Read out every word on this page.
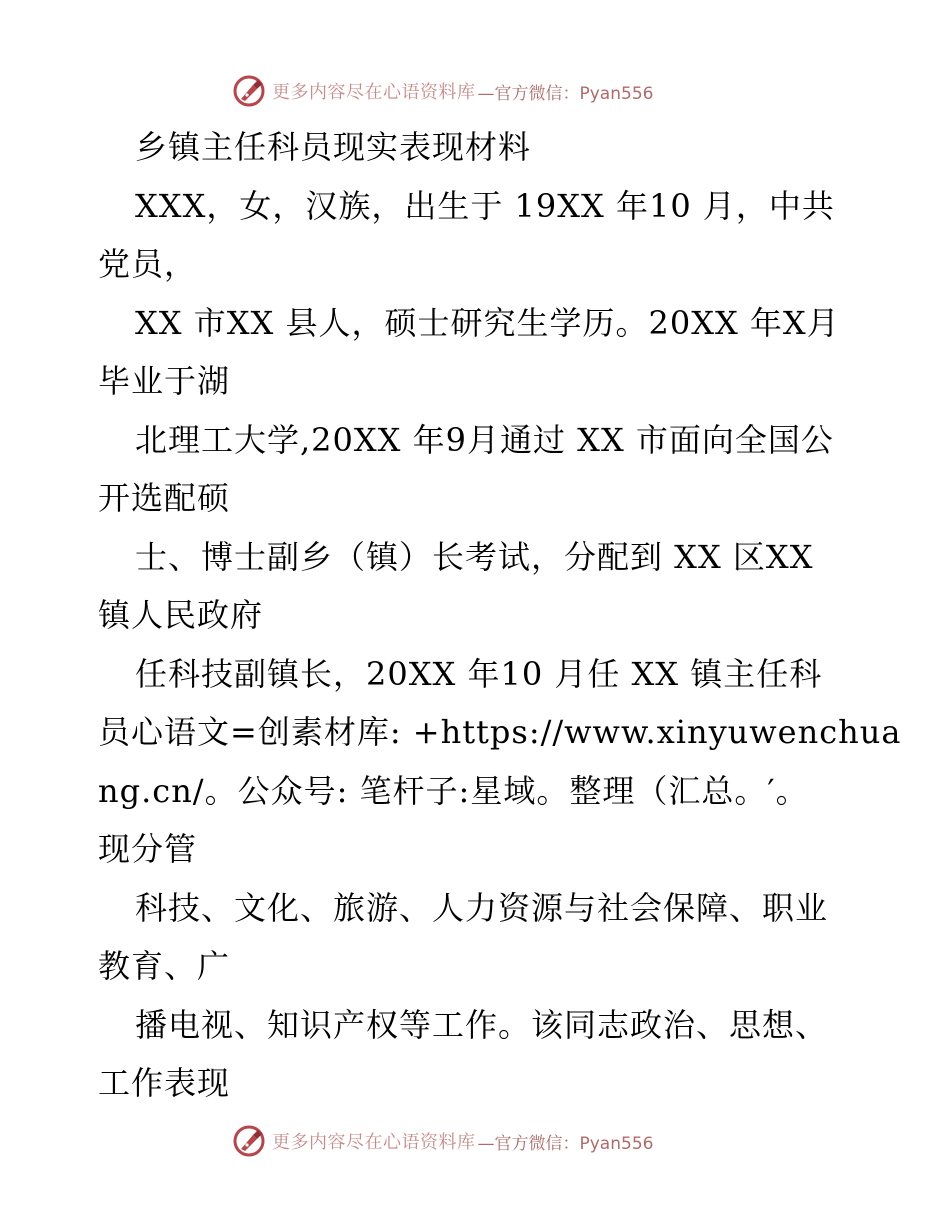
更多内容尽在心语资料库 —官方微信：Pyan556
乡镇主任科员现实表现材料
XXX，女，汉族，出生于 19XX 年10 月，中共
党员，
XX 市XX 县人，硕士研究生学历。20XX 年X月
毕业于湖
北理工大学,20XX 年9月通过 XX 市面向全国公
开选配硕
士、博士副乡（镇）长考试，分配到 XX 区XX
镇人民政府
任科技副镇长，20XX 年10 月任 XX 镇主任科
员心语文=创素材库: +https://www.xinyuwenchua
ng.cn/。公众号: 笔杆子:星域。整理（汇总。′。
现分管
科技、文化、旅游、人力资源与社会保障、职业
教育、广
播电视、知识产权等工作。该同志政治、思想、
工作表现
更多内容尽在心语资料库 —官方微信：Pyan556
